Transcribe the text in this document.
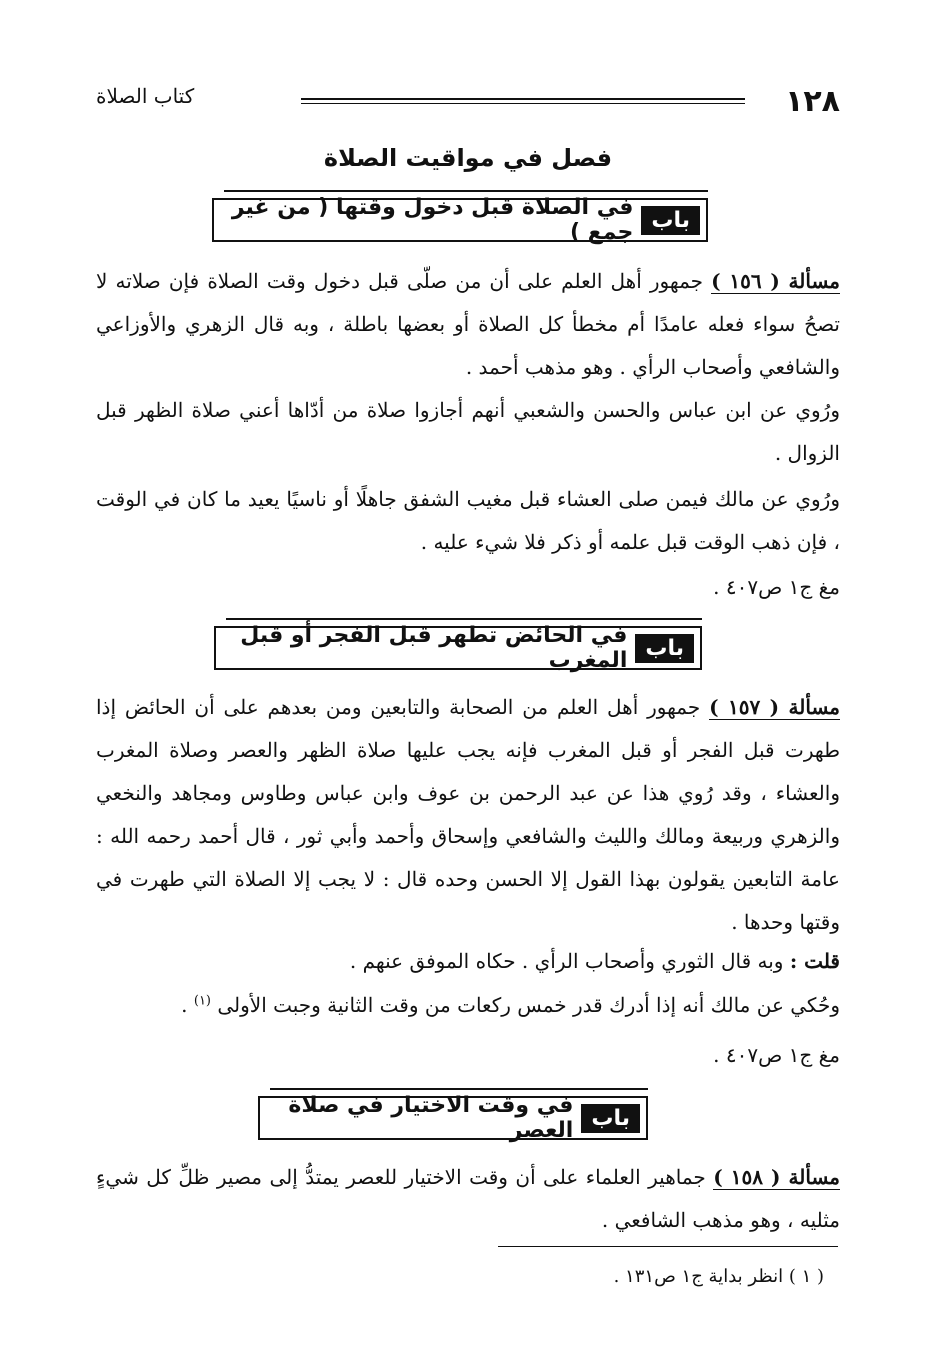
١٢٨
كتاب الصلاة
فصل في مواقيت الصلاة
باب
في الصلاة قبل دخول وقتها ( من غير جمع )
مسألة ( ١٥٦ ) جمهور أهل العلم على أن من صلّى قبل دخول وقت الصلاة فإن صلاته لا تصحُ سواء فعله عامدًا أم مخطأ كل الصلاة أو بعضها باطلة ، وبه قال الزهري والأوزاعي والشافعي وأصحاب الرأي . وهو مذهب أحمد .
ورُوي عن ابن عباس والحسن والشعبي أنهم أجازوا صلاة من أدّاها أعني صلاة الظهر قبل الزوال .
ورُوي عن مالك فيمن صلى العشاء قبل مغيب الشفق جاهلًا أو ناسيًا يعيد ما كان في الوقت ، فإن ذهب الوقت قبل علمه أو ذكر فلا شيء عليه .
مغ ج١ ص٤٠٧ .
باب
في الحائض تطهر قبل الفجر أو قبل المغرب
مسألة ( ١٥٧ ) جمهور أهل العلم من الصحابة والتابعين ومن بعدهم على أن الحائض إذا طهرت قبل الفجر أو قبل المغرب فإنه يجب عليها صلاة الظهر والعصر وصلاة المغرب والعشاء ، وقد رُوي هذا عن عبد الرحمن بن عوف وابن عباس وطاوس ومجاهد والنخعي والزهري وربيعة ومالك والليث والشافعي وإسحاق وأحمد وأبي ثور ، قال أحمد رحمه الله : عامة التابعين يقولون بهذا القول إلا الحسن وحده قال : لا يجب إلا الصلاة التي طهرت في وقتها وحدها .
قلت : وبه قال الثوري وأصحاب الرأي . حكاه الموفق عنهم .
وحُكي عن مالك أنه إذا أدرك قدر خمس ركعات من وقت الثانية وجبت الأولى $^{(١)}$ .
مغ ج١ ص٤٠٧ .
باب
في وقت الاختيار في صلاة العصر
مسألة ( ١٥٨ ) جماهير العلماء على أن وقت الاختيار للعصر يمتدُّ إلى مصير ظلِّ كل شيءٍ مثليه ، وهو مذهب الشافعي .
( ١ ) انظر بداية ج١ ص١٣١ .
